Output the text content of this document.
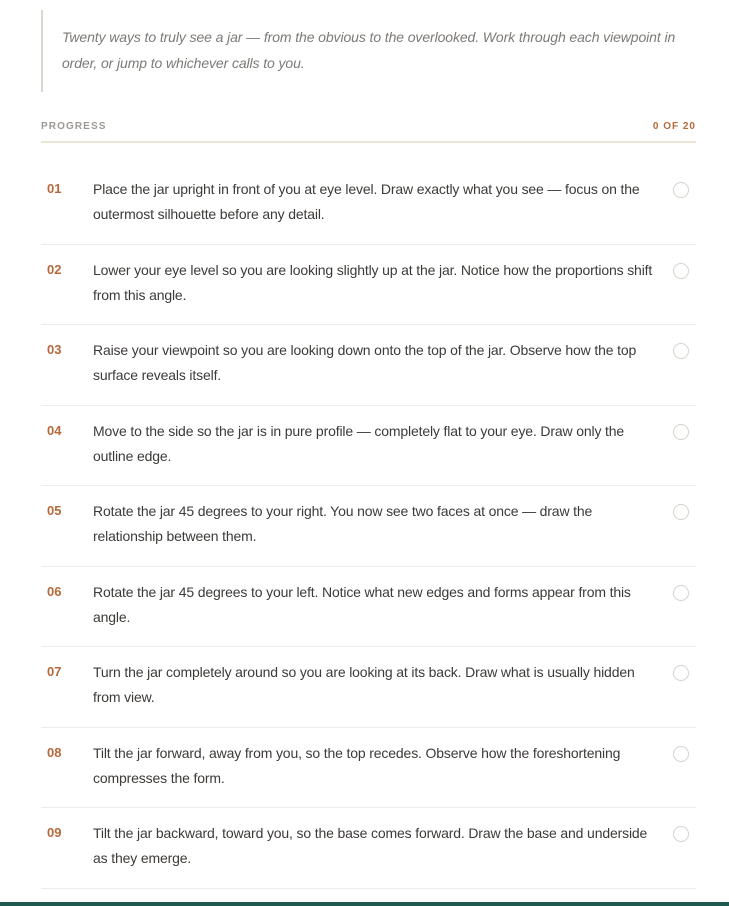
Twenty ways to truly see a jar — from the obvious to the overlooked. Work through each viewpoint in order, or jump to whichever calls to you.
PROGRESS	0 OF 20
01 Place the jar upright in front of you at eye level. Draw exactly what you see — focus on the outermost silhouette before any detail.
02 Lower your eye level so you are looking slightly up at the jar. Notice how the proportions shift from this angle.
03 Raise your viewpoint so you are looking down onto the top of the jar. Observe how the top surface reveals itself.
04 Move to the side so the jar is in pure profile — completely flat to your eye. Draw only the outline edge.
05 Rotate the jar 45 degrees to your right. You now see two faces at once — draw the relationship between them.
06 Rotate the jar 45 degrees to your left. Notice what new edges and forms appear from this angle.
07 Turn the jar completely around so you are looking at its back. Draw what is usually hidden from view.
08 Tilt the jar forward, away from you, so the top recedes. Observe how the foreshortening compresses the form.
09 Tilt the jar backward, toward you, so the base comes forward. Draw the base and underside as they emerge.
